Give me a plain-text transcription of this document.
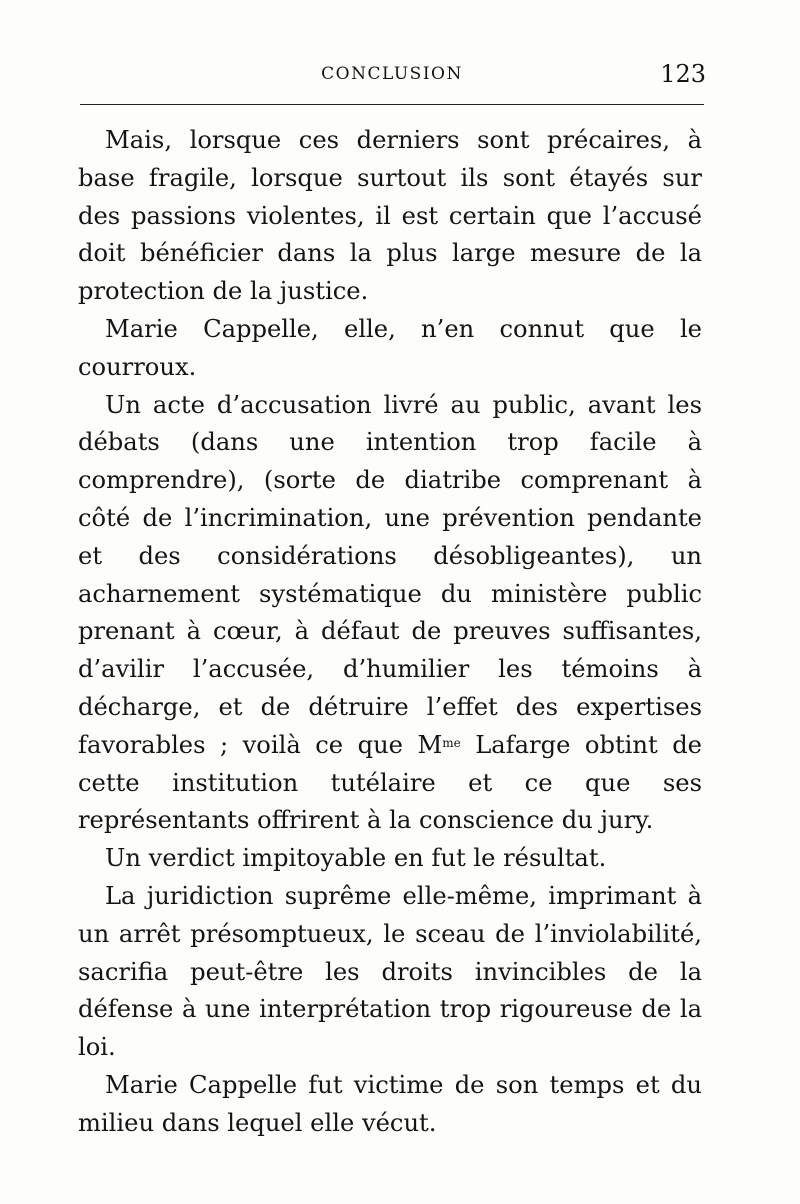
CONCLUSION	123

Mais, lorsque ces derniers sont précaires, à base fragile, lorsque surtout ils sont étayés sur des passions violentes, il est certain que l’accusé doit bénéficier dans la plus large mesure de la protection de la justice.

Marie Cappelle, elle, n’en connut que le courroux.

Un acte d’accusation livré au public, avant les débats (dans une intention trop facile à comprendre), (sorte de diatribe comprenant à côté de l’incrimination, une prévention pendante et des considérations désobligeantes), un acharnement systématique du ministère public prenant à cœur, à défaut de preuves suffisantes, d’avilir l’accusée, d’humilier les témoins à décharge, et de détruire l’effet des expertises favorables ; voilà ce que $M^{me}$ Lafarge obtint de cette institution tutélaire et ce que ses représentants offrirent à la conscience du jury.

Un verdict impitoyable en fut le résultat.

La juridiction suprême elle-même, imprimant à un arrêt présomptueux, le sceau de l’inviolabilité, sacrifia peut-être les droits invincibles de la défense à une interprétation trop rigoureuse de la loi.

Marie Cappelle fut victime de son temps et du milieu dans lequel elle vécut.
